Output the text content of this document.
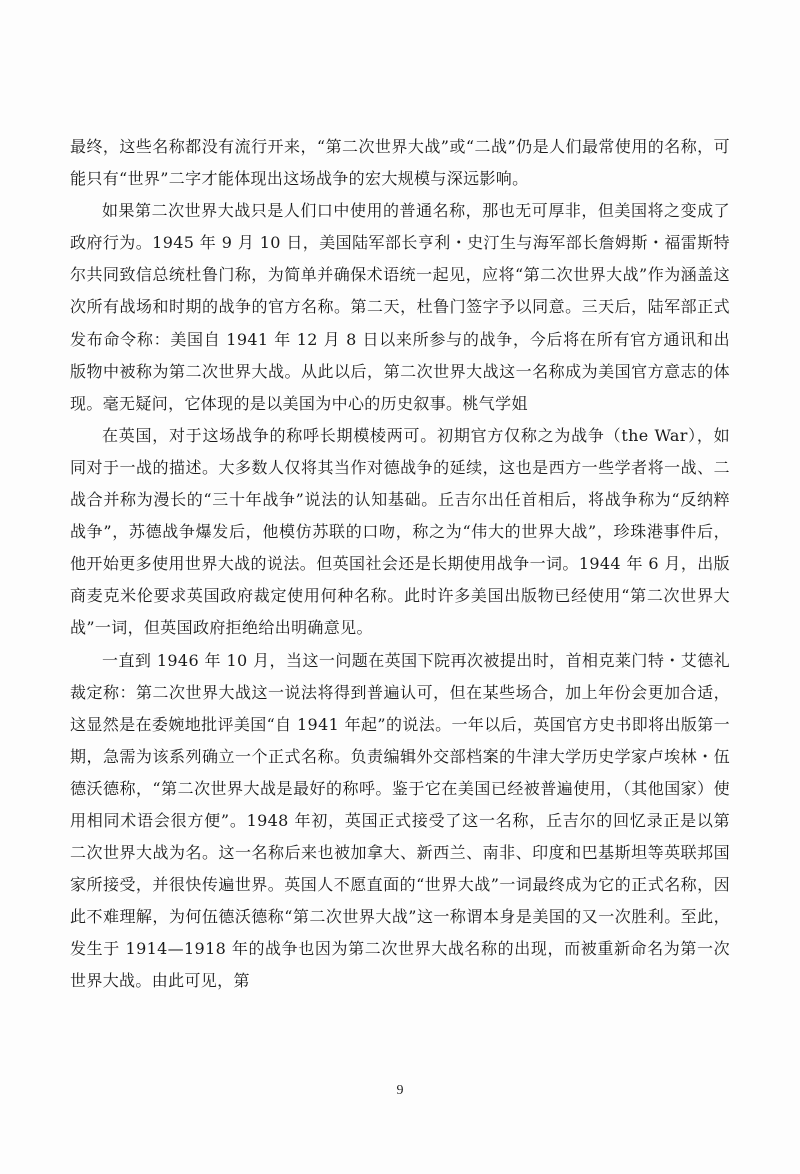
最终，这些名称都没有流行开来，“第二次世界大战”或“二战”仍是人们最常使用的名称，可能只有“世界”二字才能体现出这场战争的宏大规模与深远影响。

如果第二次世界大战只是人们口中使用的普通名称，那也无可厚非，但美国将之变成了政府行为。1945 年 9 月 10 日，美国陆军部长亨利・史汀生与海军部长詹姆斯・福雷斯特尔共同致信总统杜鲁门称，为简单并确保术语统一起见，应将“第二次世界大战”作为涵盖这次所有战场和时期的战争的官方名称。第二天，杜鲁门签字予以同意。三天后，陆军部正式发布命令称：美国自 1941 年 12 月 8 日以来所参与的战争，今后将在所有官方通讯和出版物中被称为第二次世界大战。从此以后，第二次世界大战这一名称成为美国官方意志的体现。毫无疑问，它体现的是以美国为中心的历史叙事。桃气学姐

在英国，对于这场战争的称呼长期模棱两可。初期官方仅称之为战争（the War），如同对于一战的描述。大多数人仅将其当作对德战争的延续，这也是西方一些学者将一战、二战合并称为漫长的“三十年战争”说法的认知基础。丘吉尔出任首相后，将战争称为“反纳粹战争”，苏德战争爆发后，他模仿苏联的口吻，称之为“伟大的世界大战”，珍珠港事件后，他开始更多使用世界大战的说法。但英国社会还是长期使用战争一词。1944 年 6 月，出版商麦克米伦要求英国政府裁定使用何种名称。此时许多美国出版物已经使用“第二次世界大战”一词，但英国政府拒绝给出明确意见。

一直到 1946 年 10 月，当这一问题在英国下院再次被提出时，首相克莱门特・艾德礼裁定称：第二次世界大战这一说法将得到普遍认可，但在某些场合，加上年份会更加合适，这显然是在委婉地批评美国“自 1941 年起”的说法。一年以后，英国官方史书即将出版第一期，急需为该系列确立一个正式名称。负责编辑外交部档案的牛津大学历史学家卢埃林・伍德沃德称，“第二次世界大战是最好的称呼。鉴于它在美国已经被普遍使用，（其他国家）使用相同术语会很方便”。1948 年初，英国正式接受了这一名称，丘吉尔的回忆录正是以第二次世界大战为名。这一名称后来也被加拿大、新西兰、南非、印度和巴基斯坦等英联邦国家所接受，并很快传遍世界。英国人不愿直面的“世界大战”一词最终成为它的正式名称，因此不难理解，为何伍德沃德称“第二次世界大战”这一称谓本身是美国的又一次胜利。至此，发生于 1914—1918 年的战争也因为第二次世界大战名称的出现，而被重新命名为第一次世界大战。由此可见，第

9
